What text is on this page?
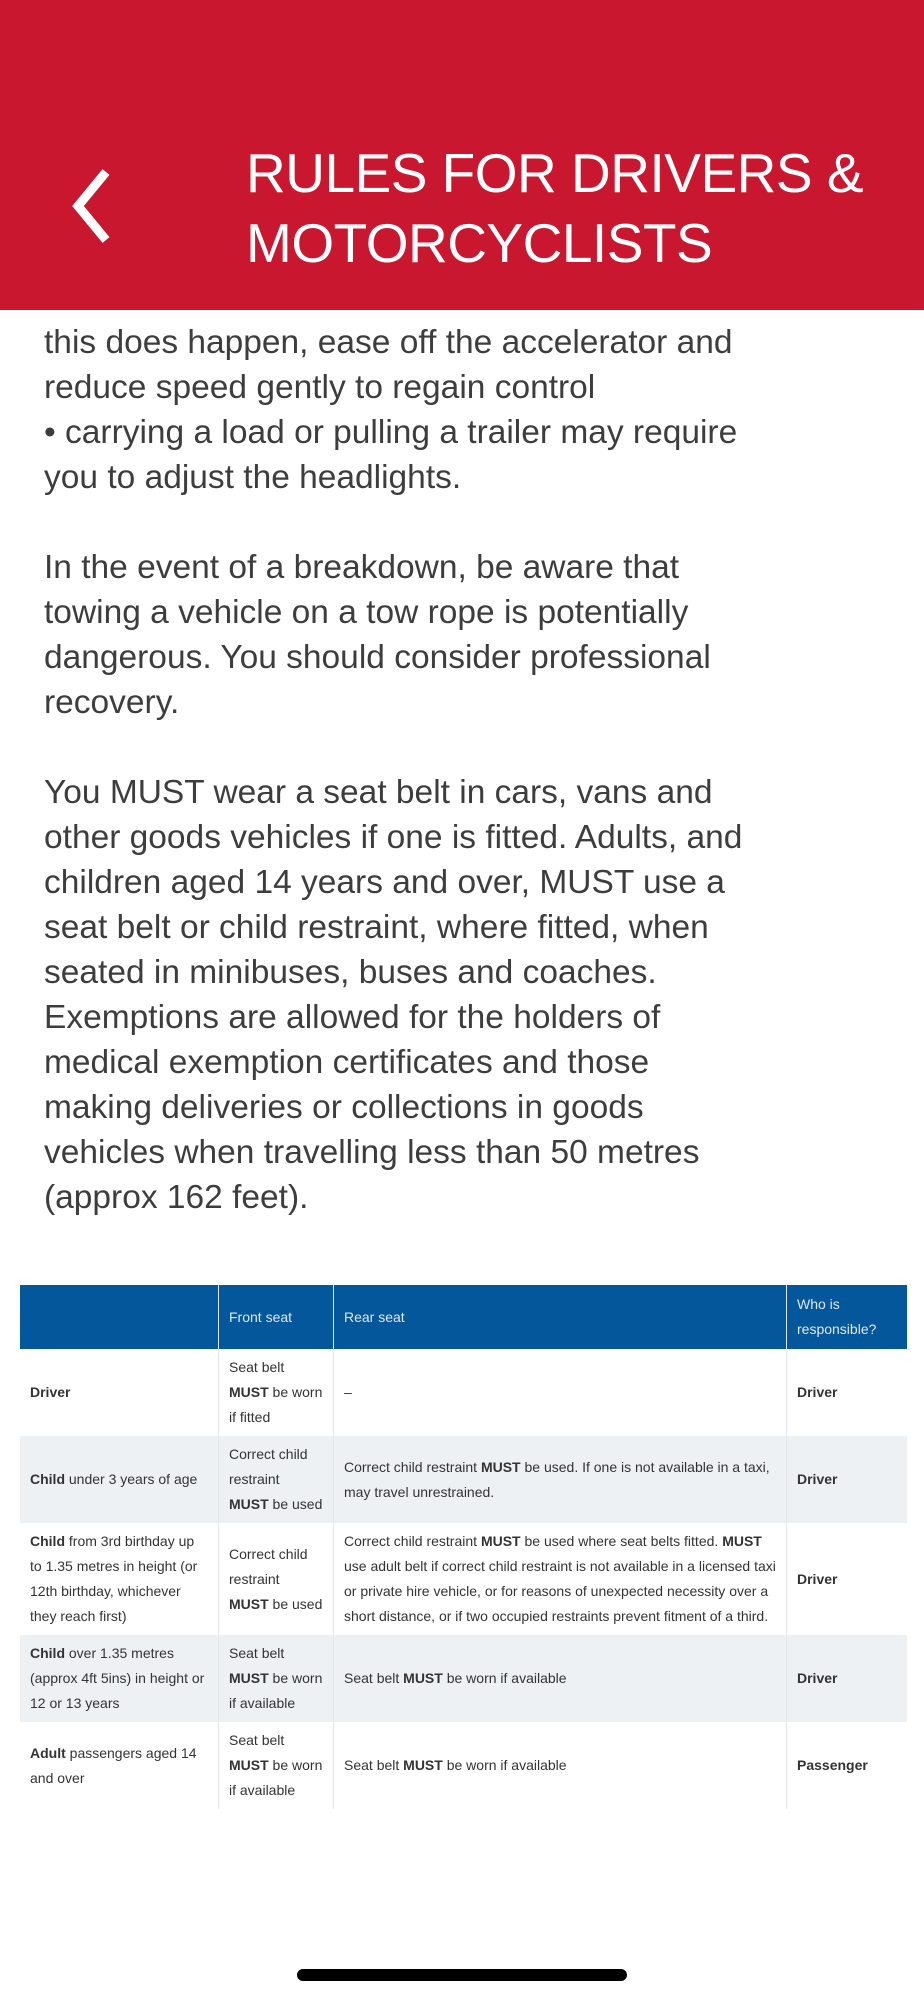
RULES FOR DRIVERS &
MOTORCYCLISTS
this does happen, ease off the accelerator and
reduce speed gently to regain control
• carrying a load or pulling a trailer may require
you to adjust the headlights.
In the event of a breakdown, be aware that
towing a vehicle on a tow rope is potentially
dangerous. You should consider professional
recovery.
You MUST wear a seat belt in cars, vans and
other goods vehicles if one is fitted. Adults, and
children aged 14 years and over, MUST use a
seat belt or child restraint, where fitted, when
seated in minibuses, buses and coaches.
Exemptions are allowed for the holders of
medical exemption certificates and those
making deliveries or collections in goods
vehicles when travelling less than 50 metres
(approx 162 feet).
	Front seat	Rear seat	Who is responsible?
Driver	Seat belt MUST be worn if fitted	–	Driver
Child under 3 years of age	Correct child restraint MUST be used	Correct child restraint MUST be used. If one is not available in a taxi, may travel unrestrained.	Driver
Child from 3rd birthday up to 1.35 metres in height (or 12th birthday, whichever they reach first)	Correct child restraint MUST be used	Correct child restraint MUST be used where seat belts fitted. MUST use adult belt if correct child restraint is not available in a licensed taxi or private hire vehicle, or for reasons of unexpected necessity over a short distance, or if two occupied restraints prevent fitment of a third.	Driver
Child over 1.35 metres (approx 4ft 5ins) in height or 12 or 13 years	Seat belt MUST be worn if available	Seat belt MUST be worn if available	Driver
Adult passengers aged 14 and over	Seat belt MUST be worn if available	Seat belt MUST be worn if available	Passenger
